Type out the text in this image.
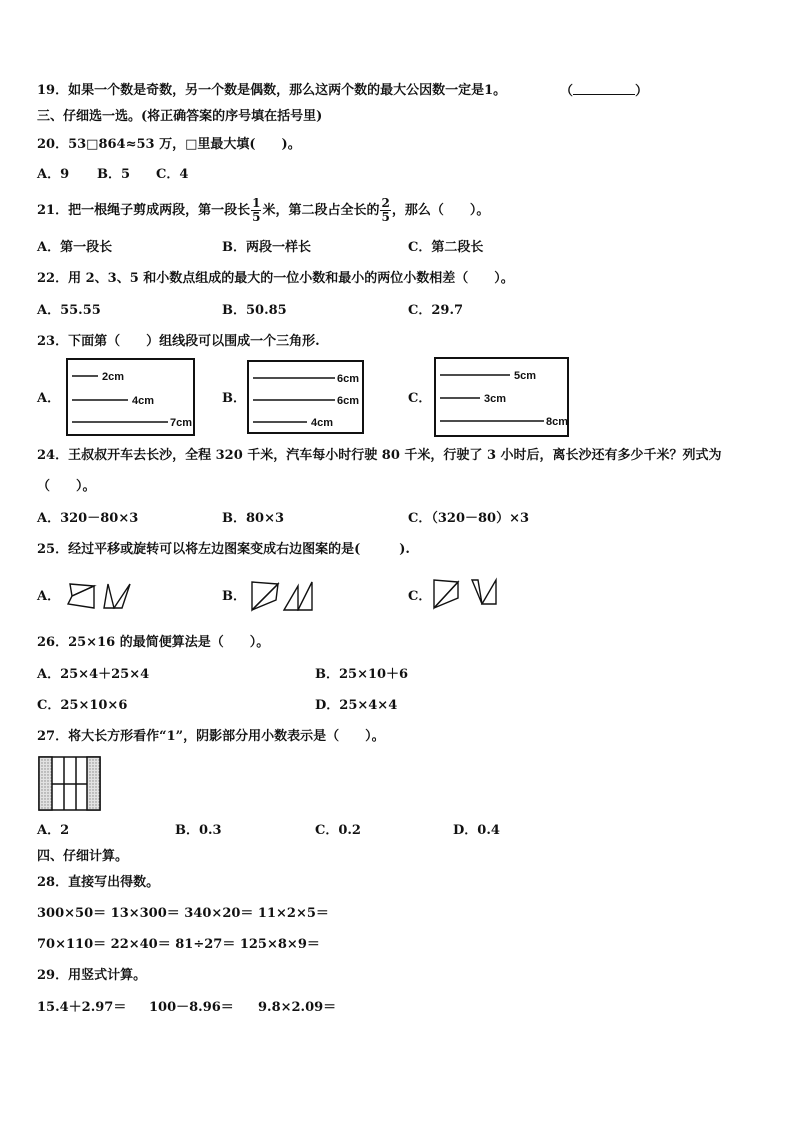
19．如果一个数是奇数，另一个数是偶数，那么这两个数的最大公因数一定是1。	（	）
三、仔细选一选。(将正确答案的序号填在括号里)
20．53□864≈53 万，□里最大填(　　)。
A．9 B．5 C．4
21．把一根绳子剪成两段，第一段长 $\frac{1}{5}$ 米，第二段占全长的 $\frac{2}{5}$ ，那么（　　）。
A．第一段长	B．两段一样长	C．第二段长
22．用 2、3、5 和小数点组成的最大的一位小数和最小的两位小数相差（　　）。
A．55.55	B．50.85	C．29.7
23．下面第（　　）组线段可以围成一个三角形.
A．	B．	C．
2cm
4cm
7cm
6cm
6cm
4cm
5cm
3cm
8cm
24．王叔叔开车去长沙，全程 320 千米，汽车每小时行驶 80 千米，行驶了 3 小时后，离长沙还有多少千米？列式为
（　　）。
A．320－80×3	B．80×3	C．（320－80）×3
25．经过平移或旋转可以将左边图案变成右边图案的是(　　　).
A．	B．	C．
26．25×16 的最简便算法是（　　）。
A．25×4＋25×4	B．25×10＋6
C．25×10×6	D．25×4×4
27．将大长方形看作“1”，阴影部分用小数表示是（　　）。
A．2	B．0.3	C．0.2	D．0.4
四、仔细计算。
28．直接写出得数。
300×50＝ 13×300＝ 340×20＝ 11×2×5＝
70×110＝ 22×40＝ 81÷27＝ 125×8×9＝
29．用竖式计算。
15.4＋2.97＝ 100－8.96＝ 9.8×2.09＝
